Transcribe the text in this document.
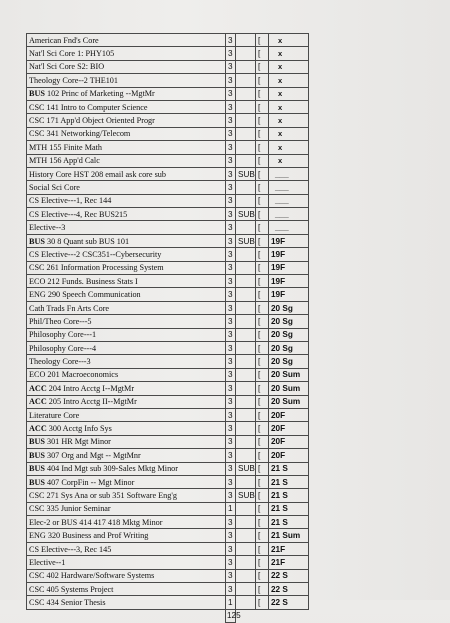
American Fnd's Core	3		[	x
Nat'l Sci Core 1: PHY105	3		[	x
Nat'l Sci Core S2: BIO	3		[	x
Theology Core--2 THE101	3		[	x
BUS 102 Princ of Marketing --MgtMr	3		[	x
CSC 141 Intro to Computer Science	3		[	x
CSC 171 App'd Object Oriented Progr	3		[	x
CSC 341 Networking/Telecom	3		[	x
MTH 155 Finite Math	3		[	x
MTH 156 App'd Calc	3		[	x
History Core HST 208 email ask core sub	3	SUB	[	___
Social Sci Core	3		[	___
CS Elective---1, Rec 144	3		[	___
CS Elective---4, Rec BUS215	3	SUB	[	___
Elective--3	3		[	___
BUS 30 8 Quant sub BUS 101	3	SUB	[	19F
CS Elective---2 CSC351--Cybersecurity	3		[	19F
CSC 261 Information Processing System	3		[	19F
ECO 212 Funds. Business Stats I	3		[	19F
ENG 290 Speech Communication	3		[	19F
Cath Trads Fn Arts Core	3		[	20 Sg
Phil/Theo Core---5	3		[	20 Sg
Philosophy Core---1	3		[	20 Sg
Philosophy Core---4	3		[	20 Sg
Theology Core---3	3		[	20 Sg
ECO 201 Macroeconomics	3		[	20 Sum
ACC 204 Intro Acctg I--MgtMr	3		[	20 Sum
ACC 205 Intro Acctg II--MgtMr	3		[	20 Sum
Literature Core	3		[	20F
ACC 300 Acctg Info Sys	3		[	20F
BUS 301 HR Mgt Minor	3		[	20F
BUS 307 Org and Mgt -- MgtMnr	3		[	20F
BUS 404 Ind Mgt sub 309-Sales Mktg Minor	3	SUB	[	21 S
BUS 407 CorpFin -- Mgt Minor	3		[	21 S
CSC 271 Sys Ana or sub 351 Software Eng'g	3	SUB	[	21 S
CSC 335 Junior Seminar	1		[	21 S
Elec-2 or BUS 414 417 418 Mktg Minor	3		[	21 S
ENG 320 Business and Prof Writing	3		[	21 Sum
CS Elective---3, Rec 145	3		[	21F
Elective--1	3		[	21F
CSC 402 Hardware/Software Systems	3		[	22 S
CSC 405 Systems Project	3		[	22 S
CSC 434 Senior Thesis	1		[	22 S
	125			
